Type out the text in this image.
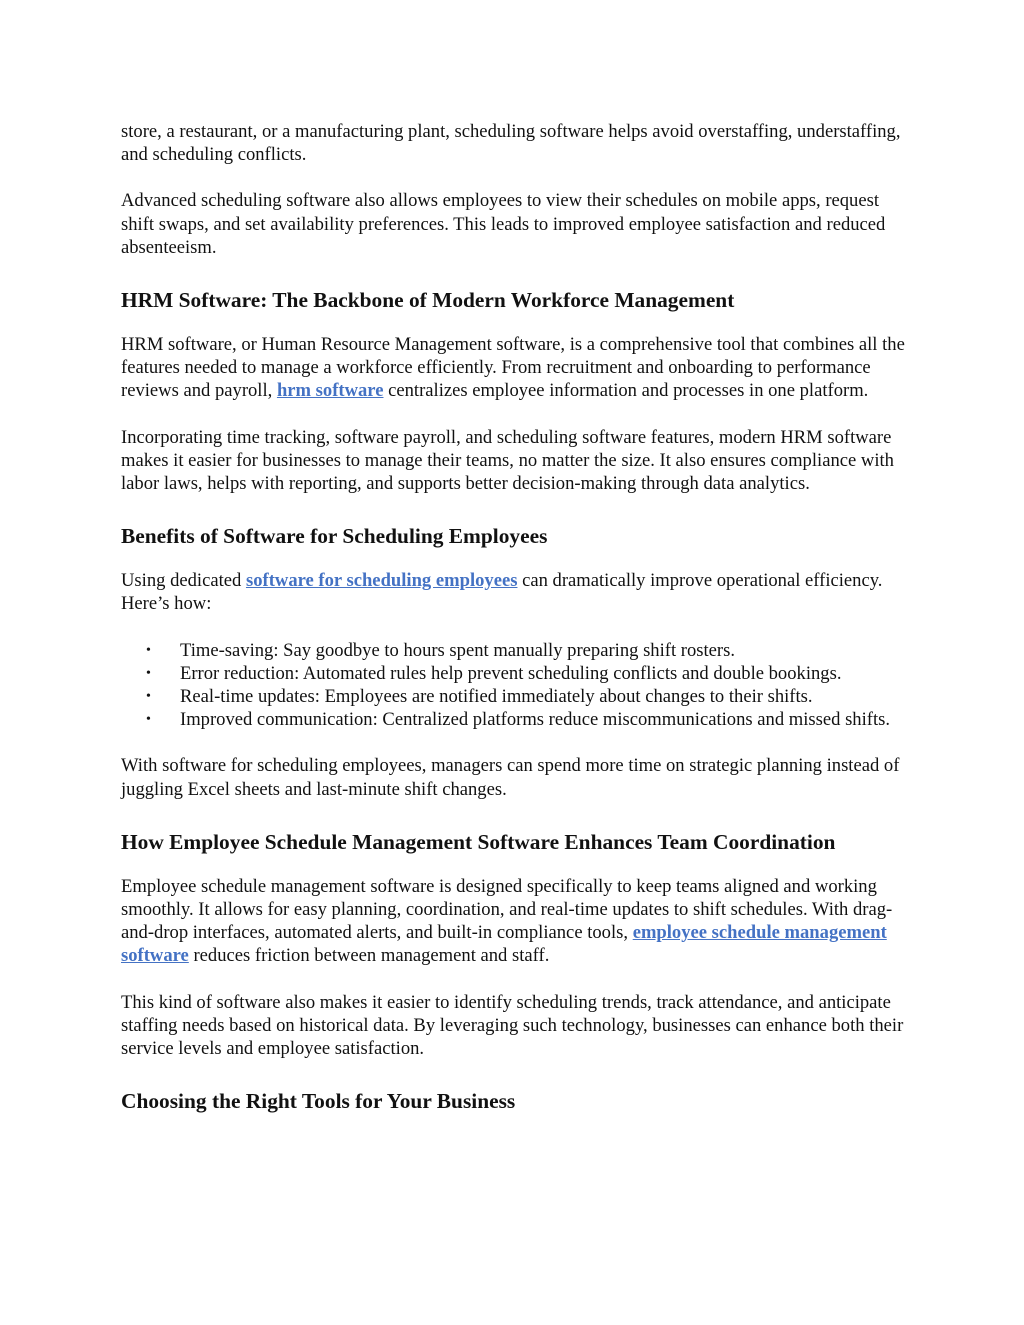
store, a restaurant, or a manufacturing plant, scheduling software helps avoid overstaffing, understaffing, and scheduling conflicts.

Advanced scheduling software also allows employees to view their schedules on mobile apps, request shift swaps, and set availability preferences. This leads to improved employee satisfaction and reduced absenteeism.

HRM Software: The Backbone of Modern Workforce Management

HRM software, or Human Resource Management software, is a comprehensive tool that combines all the features needed to manage a workforce efficiently. From recruitment and onboarding to performance reviews and payroll, hrm software centralizes employee information and processes in one platform.

Incorporating time tracking, software payroll, and scheduling software features, modern HRM software makes it easier for businesses to manage their teams, no matter the size. It also ensures compliance with labor laws, helps with reporting, and supports better decision-making through data analytics.

Benefits of Software for Scheduling Employees

Using dedicated software for scheduling employees can dramatically improve operational efficiency. Here’s how:

• Time-saving: Say goodbye to hours spent manually preparing shift rosters.
• Error reduction: Automated rules help prevent scheduling conflicts and double bookings.
• Real-time updates: Employees are notified immediately about changes to their shifts.
• Improved communication: Centralized platforms reduce miscommunications and missed shifts.

With software for scheduling employees, managers can spend more time on strategic planning instead of juggling Excel sheets and last-minute shift changes.

How Employee Schedule Management Software Enhances Team Coordination

Employee schedule management software is designed specifically to keep teams aligned and working smoothly. It allows for easy planning, coordination, and real-time updates to shift schedules. With drag-and-drop interfaces, automated alerts, and built-in compliance tools, employee schedule management software reduces friction between management and staff.

This kind of software also makes it easier to identify scheduling trends, track attendance, and anticipate staffing needs based on historical data. By leveraging such technology, businesses can enhance both their service levels and employee satisfaction.

Choosing the Right Tools for Your Business
